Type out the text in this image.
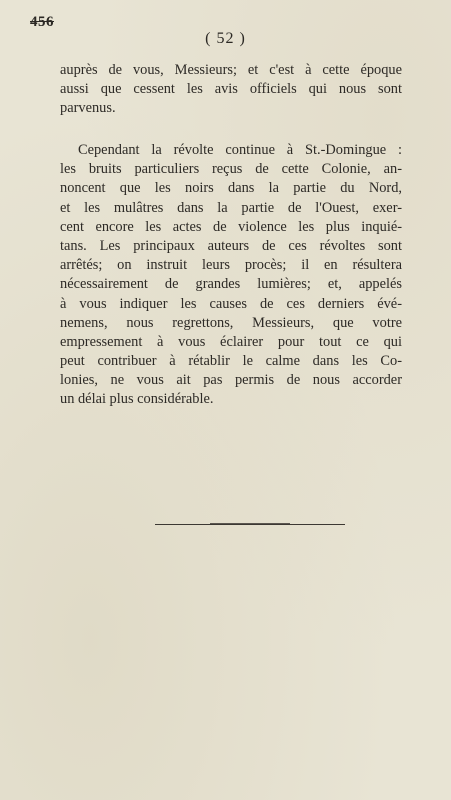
456
( 52 )
auprès de vous, Messieurs; et c'est à cette époque
aussi que cessent les avis officiels qui nous sont
parvenus.
Cependant la révolte continue à St.-Domingue :
les bruits particuliers reçus de cette Colonie, an-
noncent que les noirs dans la partie du Nord,
et les mulâtres dans la partie de l'Ouest, exer-
cent encore les actes de violence les plus inquié-
tans. Les principaux auteurs de ces révoltes sont
arrêtés; on instruit leurs procès; il en résultera
nécessairement de grandes lumières; et, appelés
à vous indiquer les causes de ces derniers évé-
nemens, nous regrettons, Messieurs, que votre
empressement à vous éclairer pour tout ce qui
peut contribuer à rétablir le calme dans les Co-
lonies, ne vous ait pas permis de nous accorder
un délai plus considérable.
